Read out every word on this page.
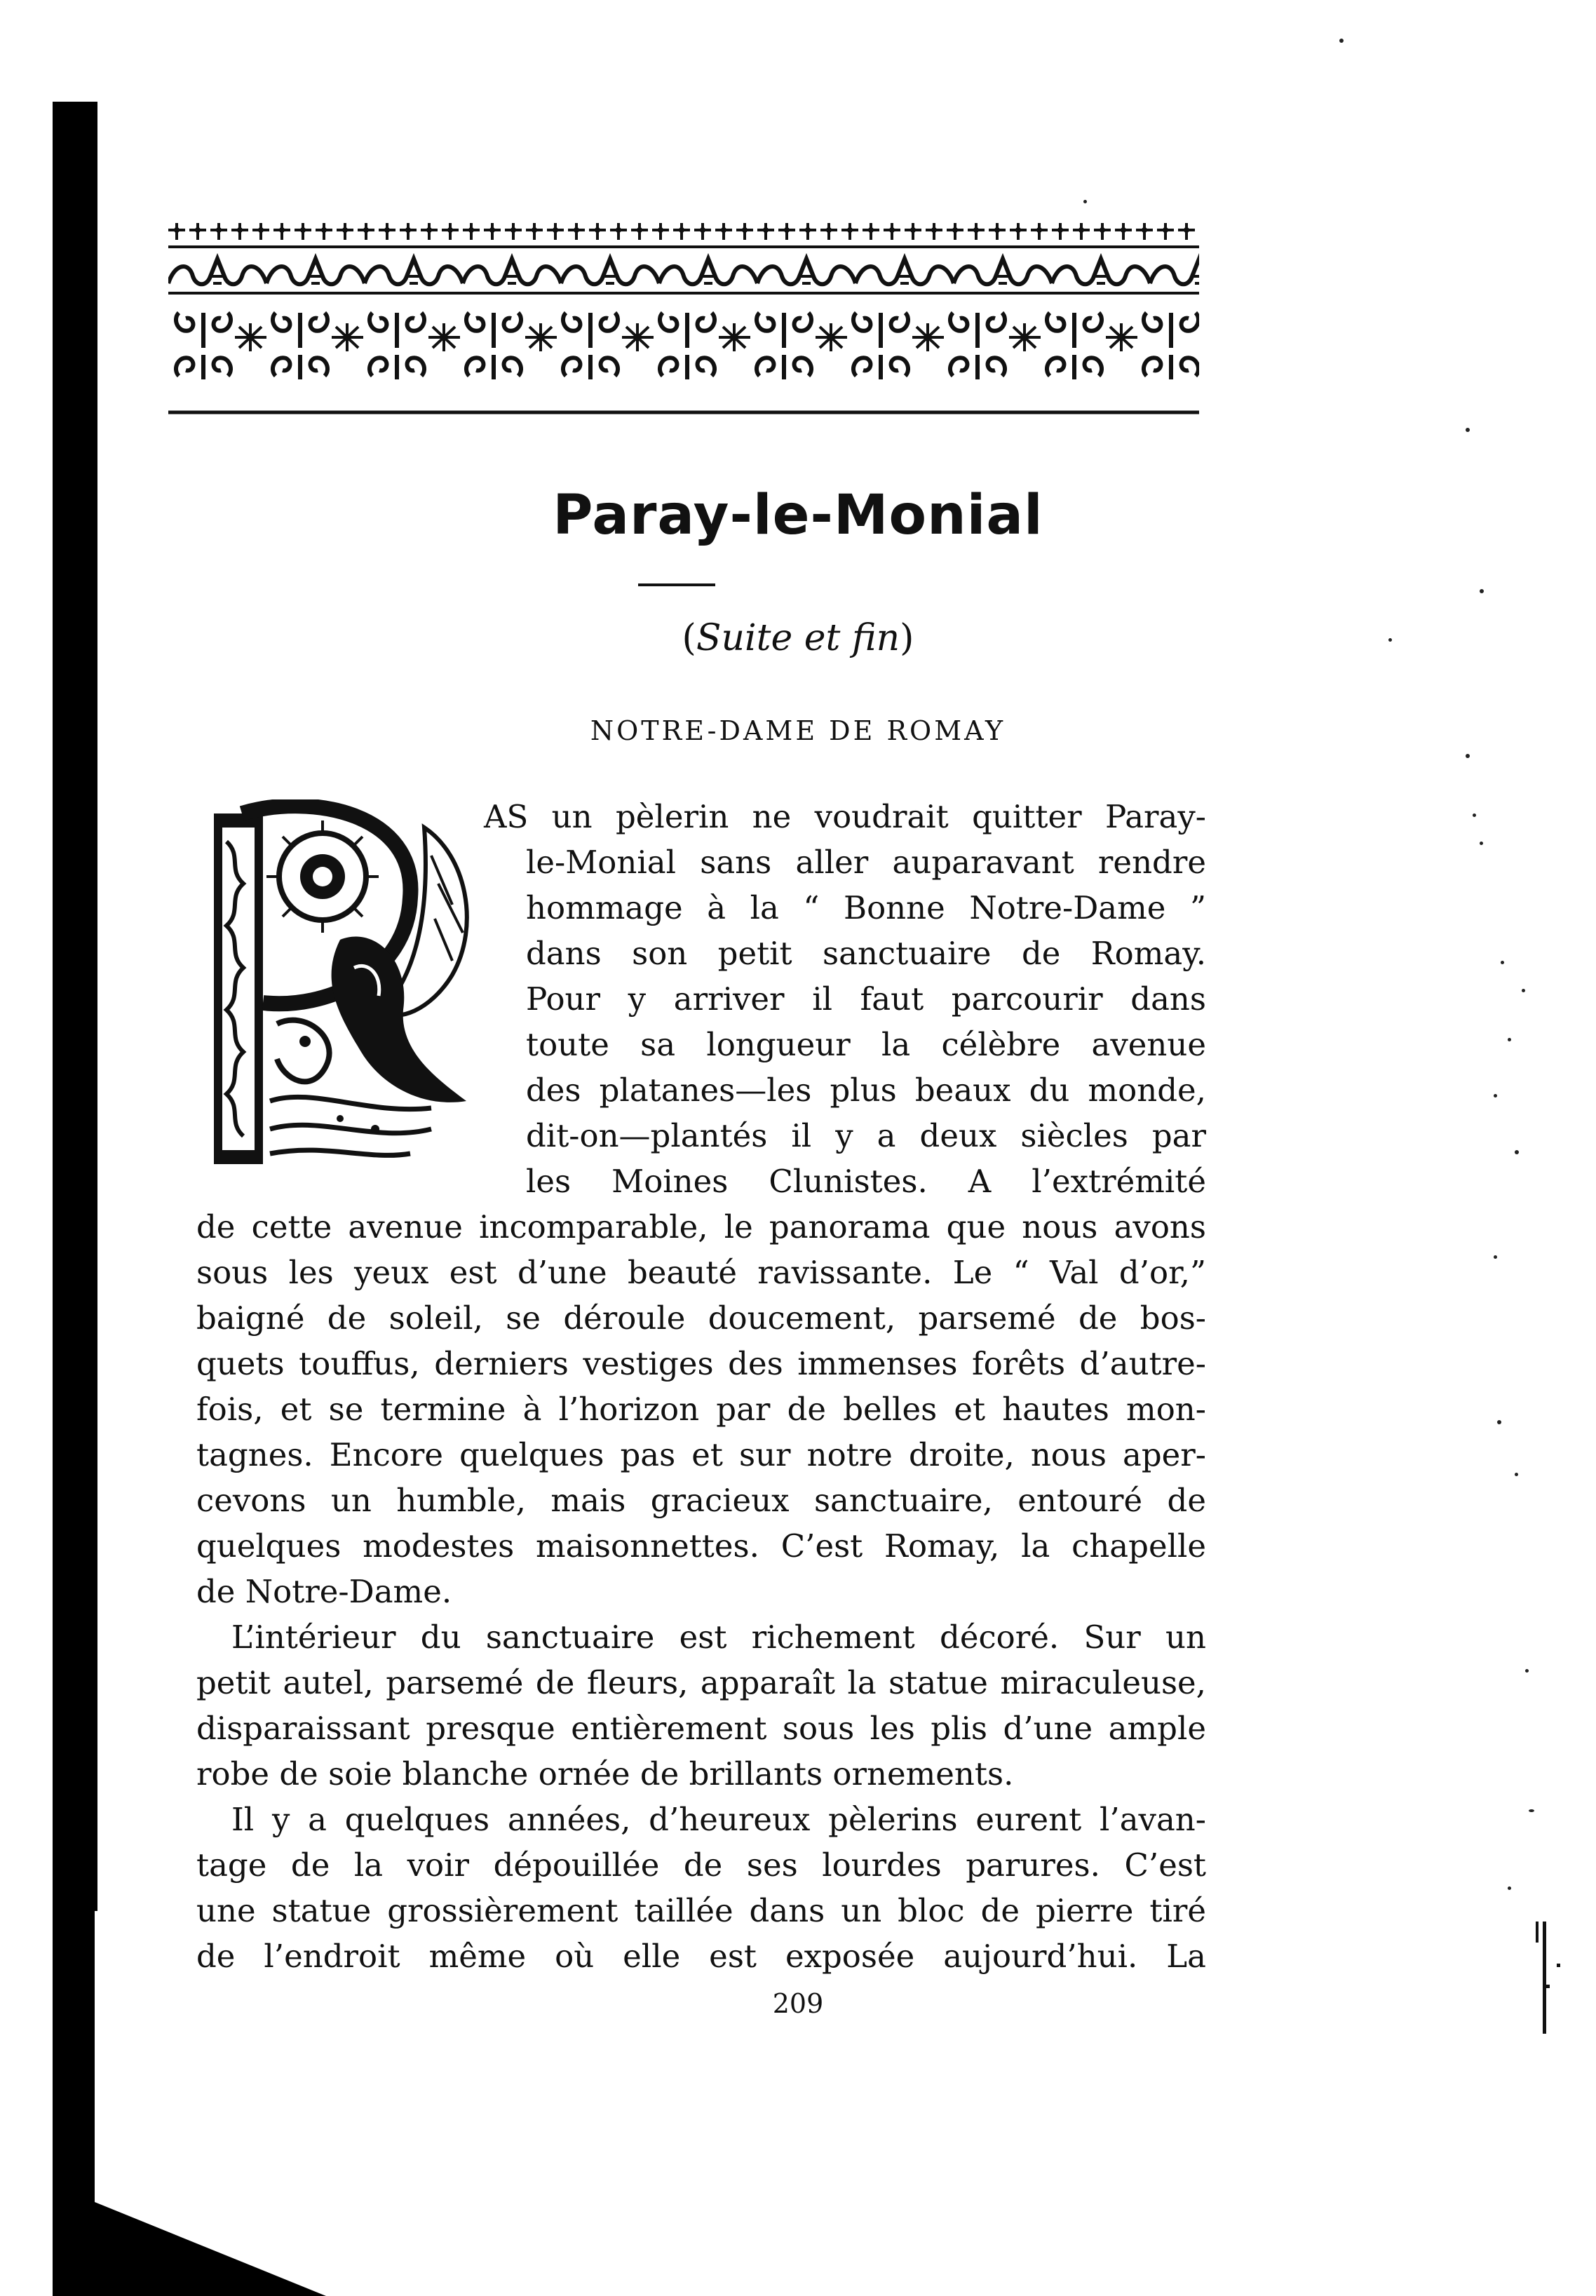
Paray-le-Monial
(Suite et fin)
NOTRE-DAME DE ROMAY
AS un pèlerin ne voudrait quitter Paray-
le-Monial sans aller auparavant rendre
hommage à la “ Bonne Notre-Dame ”
dans son petit sanctuaire de Romay.
Pour y arriver il faut parcourir dans
toute sa longueur la célèbre avenue
des platanes—les plus beaux du monde,
dit-on—plantés il y a deux siècles par
les Moines Clunistes. A l’extrémité
de cette avenue incomparable, le panorama que nous avons
sous les yeux est d’une beauté ravissante. Le “ Val d’or,”
baigné de soleil, se déroule doucement, parsemé de bos-
quets touffus, derniers vestiges des immenses forêts d’autre-
fois, et se termine à l’horizon par de belles et hautes mon-
tagnes. Encore quelques pas et sur notre droite, nous aper-
cevons un humble, mais gracieux sanctuaire, entouré de
quelques modestes maisonnettes. C’est Romay, la chapelle
de Notre-Dame.
L’intérieur du sanctuaire est richement décoré. Sur un
petit autel, parsemé de fleurs, apparaît la statue miraculeuse,
disparaissant presque entièrement sous les plis d’une ample
robe de soie blanche ornée de brillants ornements.
Il y a quelques années, d’heureux pèlerins eurent l’avan-
tage de la voir dépouillée de ses lourdes parures. C’est
une statue grossièrement taillée dans un bloc de pierre tiré
de l’endroit même où elle est exposée aujourd’hui. La
209
